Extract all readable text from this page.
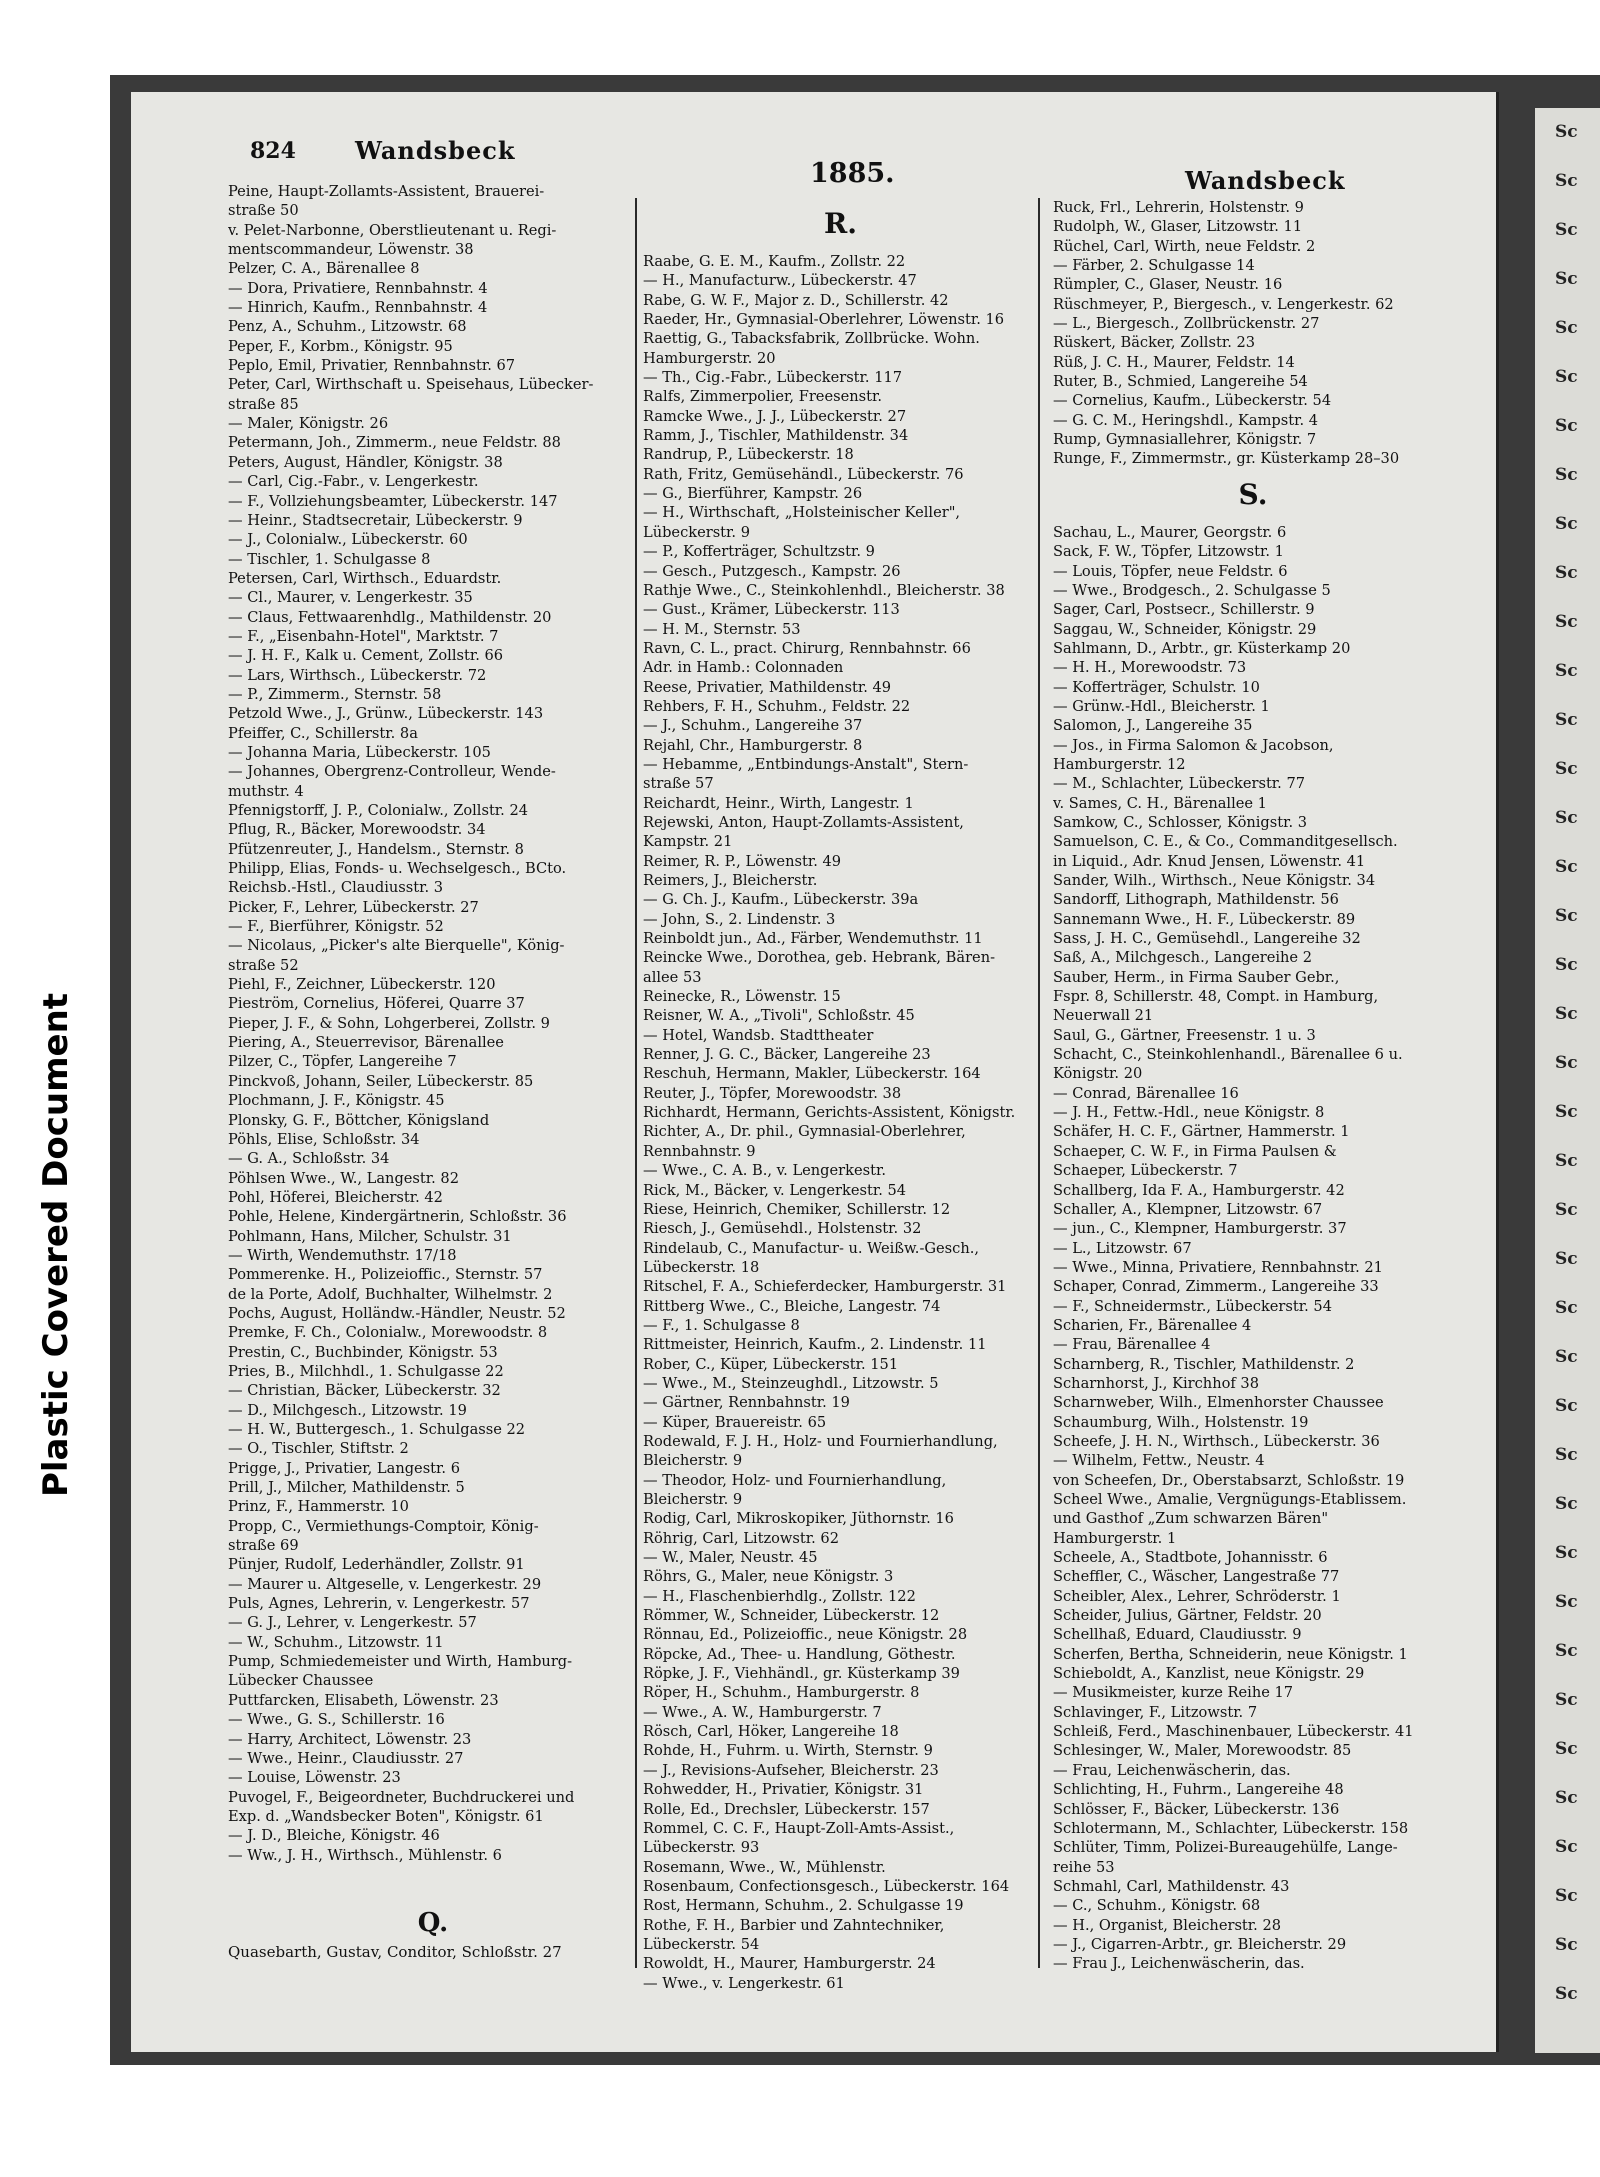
Plastic Covered Document
Sc
Sc
Sc
Sc
Sc
Sc
Sc
Sc
Sc
Sc
Sc
Sc
Sc
Sc
Sc
Sc
Sc
Sc
Sc
Sc
Sc
Sc
Sc
Sc
Sc
Sc
Sc
Sc
Sc
Sc
Sc
Sc
Sc
Sc
Sc
Sc
Sc
Sc
Sc
824 Wandsbeck
1885.	Wandsbeck
Peine, Haupt-Zollamts-Assistent, Brauerei-
straße 50
v. Pelet-Narbonne, Oberstlieutenant u. Regi-
mentscommandeur, Löwenstr. 38
Pelzer, C. A., Bärenallee 8
— Dora, Privatiere, Rennbahnstr. 4
— Hinrich, Kaufm., Rennbahnstr. 4
Penz, A., Schuhm., Litzowstr. 68
Peper, F., Korbm., Königstr. 95
Peplo, Emil, Privatier, Rennbahnstr. 67
Peter, Carl, Wirthschaft u. Speisehaus, Lübecker-
straße 85
— Maler, Königstr. 26
Petermann, Joh., Zimmerm., neue Feldstr. 88
Peters, August, Händler, Königstr. 38
— Carl, Cig.-Fabr., v. Lengerkestr.
— F., Vollziehungsbeamter, Lübeckerstr. 147
— Heinr., Stadtsecretair, Lübeckerstr. 9
— J., Colonialw., Lübeckerstr. 60
— Tischler, 1. Schulgasse 8
Petersen, Carl, Wirthsch., Eduardstr.
— Cl., Maurer, v. Lengerkestr. 35
— Claus, Fettwaarenhdlg., Mathildenstr. 20
— F., „Eisenbahn-Hotel", Marktstr. 7
— J. H. F., Kalk u. Cement, Zollstr. 66
— Lars, Wirthsch., Lübeckerstr. 72
— P., Zimmerm., Sternstr. 58
Petzold Wwe., J., Grünw., Lübeckerstr. 143
Pfeiffer, C., Schillerstr. 8a
— Johanna Maria, Lübeckerstr. 105
— Johannes, Obergrenz-Controlleur, Wende-
muthstr. 4
Pfennigstorff, J. P., Colonialw., Zollstr. 24
Pflug, R., Bäcker, Morewoodstr. 34
Pfützenreuter, J., Handelsm., Sternstr. 8
Philipp, Elias, Fonds- u. Wechselgesch., BCto.
Reichsb.-Hstl., Claudiusstr. 3
Picker, F., Lehrer, Lübeckerstr. 27
— F., Bierführer, Königstr. 52
— Nicolaus, „Picker's alte Bierquelle", König-
straße 52
Piehl, F., Zeichner, Lübeckerstr. 120
Pieström, Cornelius, Höferei, Quarre 37
Pieper, J. F., & Sohn, Lohgerberei, Zollstr. 9
Piering, A., Steuerrevisor, Bärenallee
Pilzer, C., Töpfer, Langereihe 7
Pinckvoß, Johann, Seiler, Lübeckerstr. 85
Plochmann, J. F., Königstr. 45
Plonsky, G. F., Böttcher, Königsland
Pöhls, Elise, Schloßstr. 34
— G. A., Schloßstr. 34
Pöhlsen Wwe., W., Langestr. 82
Pohl, Höferei, Bleicherstr. 42
Pohle, Helene, Kindergärtnerin, Schloßstr. 36
Pohlmann, Hans, Milcher, Schulstr. 31
— Wirth, Wendemuthstr. 17/18
Pommerenke. H., Polizeioffic., Sternstr. 57
de la Porte, Adolf, Buchhalter, Wilhelmstr. 2
Pochs, August, Holländw.-Händler, Neustr. 52
Premke, F. Ch., Colonialw., Morewoodstr. 8
Prestin, C., Buchbinder, Königstr. 53
Pries, B., Milchhdl., 1. Schulgasse 22
— Christian, Bäcker, Lübeckerstr. 32
— D., Milchgesch., Litzowstr. 19
— H. W., Buttergesch., 1. Schulgasse 22
— O., Tischler, Stiftstr. 2
Prigge, J., Privatier, Langestr. 6
Prill, J., Milcher, Mathildenstr. 5
Prinz, F., Hammerstr. 10
Propp, C., Vermiethungs-Comptoir, König-
straße 69
Pünjer, Rudolf, Lederhändler, Zollstr. 91
— Maurer u. Altgeselle, v. Lengerkestr. 29
Puls, Agnes, Lehrerin, v. Lengerkestr. 57
— G. J., Lehrer, v. Lengerkestr. 57
— W., Schuhm., Litzowstr. 11
Pump, Schmiedemeister und Wirth, Hamburg-
Lübecker Chaussee
Puttfarcken, Elisabeth, Löwenstr. 23
— Wwe., G. S., Schillerstr. 16
— Harry, Architect, Löwenstr. 23
— Wwe., Heinr., Claudiusstr. 27
— Louise, Löwenstr. 23
Puvogel, F., Beigeordneter, Buchdruckerei und
Exp. d. „Wandsbecker Boten", Königstr. 61
— J. D., Bleiche, Königstr. 46
— Ww., J. H., Wirthsch., Mühlenstr. 6
R.
Raabe, G. E. M., Kaufm., Zollstr. 22
— H., Manufacturw., Lübeckerstr. 47
Rabe, G. W. F., Major z. D., Schillerstr. 42
Raeder, Hr., Gymnasial-Oberlehrer, Löwenstr. 16
Raettig, G., Tabacksfabrik, Zollbrücke. Wohn.
Hamburgerstr. 20
— Th., Cig.-Fabr., Lübeckerstr. 117
Ralfs, Zimmerpolier, Freesenstr.
Ramcke Wwe., J. J., Lübeckerstr. 27
Ramm, J., Tischler, Mathildenstr. 34
Randrup, P., Lübeckerstr. 18
Rath, Fritz, Gemüsehändl., Lübeckerstr. 76
— G., Bierführer, Kampstr. 26
— H., Wirthschaft, „Holsteinischer Keller",
Lübeckerstr. 9
— P., Kofferträger, Schultzstr. 9
— Gesch., Putzgesch., Kampstr. 26
Rathje Wwe., C., Steinkohlenhdl., Bleicherstr. 38
— Gust., Krämer, Lübeckerstr. 113
— H. M., Sternstr. 53
Ravn, C. L., pract. Chirurg, Rennbahnstr. 66
Adr. in Hamb.: Colonnaden
Reese, Privatier, Mathildenstr. 49
Rehbers, F. H., Schuhm., Feldstr. 22
— J., Schuhm., Langereihe 37
Rejahl, Chr., Hamburgerstr. 8
— Hebamme, „Entbindungs-Anstalt", Stern-
straße 57
Reichardt, Heinr., Wirth, Langestr. 1
Rejewski, Anton, Haupt-Zollamts-Assistent,
Kampstr. 21
Reimer, R. P., Löwenstr. 49
Reimers, J., Bleicherstr.
— G. Ch. J., Kaufm., Lübeckerstr. 39a
— John, S., 2. Lindenstr. 3
Reinboldt jun., Ad., Färber, Wendemuthstr. 11
Reincke Wwe., Dorothea, geb. Hebrank, Bären-
allee 53
Reinecke, R., Löwenstr. 15
Reisner, W. A., „Tivoli", Schloßstr. 45
— Hotel, Wandsb. Stadttheater
Renner, J. G. C., Bäcker, Langereihe 23
Reschuh, Hermann, Makler, Lübeckerstr. 164
Reuter, J., Töpfer, Morewoodstr. 38
Richhardt, Hermann, Gerichts-Assistent, Königstr.
Richter, A., Dr. phil., Gymnasial-Oberlehrer,
Rennbahnstr. 9
— Wwe., C. A. B., v. Lengerkestr.
Rick, M., Bäcker, v. Lengerkestr. 54
Riese, Heinrich, Chemiker, Schillerstr. 12
Riesch, J., Gemüsehdl., Holstenstr. 32
Rindelaub, C., Manufactur- u. Weißw.-Gesch.,
Lübeckerstr. 18
Ritschel, F. A., Schieferdecker, Hamburgerstr. 31
Rittberg Wwe., C., Bleiche, Langestr. 74
— F., 1. Schulgasse 8
Rittmeister, Heinrich, Kaufm., 2. Lindenstr. 11
Rober, C., Küper, Lübeckerstr. 151
— Wwe., M., Steinzeughdl., Litzowstr. 5
— Gärtner, Rennbahnstr. 19
— Küper, Brauereistr. 65
Rodewald, F. J. H., Holz- und Fournierhandlung,
Bleicherstr. 9
— Theodor, Holz- und Fournierhandlung,
Bleicherstr. 9
Rodig, Carl, Mikroskopiker, Jüthornstr. 16
Röhrig, Carl, Litzowstr. 62
— W., Maler, Neustr. 45
Röhrs, G., Maler, neue Königstr. 3
— H., Flaschenbierhdlg., Zollstr. 122
Römmer, W., Schneider, Lübeckerstr. 12
Rönnau, Ed., Polizeioffic., neue Königstr. 28
Röpcke, Ad., Thee- u. Handlung, Göthestr.
Röpke, J. F., Viehhändl., gr. Küsterkamp 39
Röper, H., Schuhm., Hamburgerstr. 8
— Wwe., A. W., Hamburgerstr. 7
Rösch, Carl, Höker, Langereihe 18
Rohde, H., Fuhrm. u. Wirth, Sternstr. 9
— J., Revisions-Aufseher, Bleicherstr. 23
Rohwedder, H., Privatier, Königstr. 31
Rolle, Ed., Drechsler, Lübeckerstr. 157
Rommel, C. C. F., Haupt-Zoll-Amts-Assist.,
Lübeckerstr. 93
Rosemann, Wwe., W., Mühlenstr.
Rosenbaum, Confectionsgesch., Lübeckerstr. 164
Rost, Hermann, Schuhm., 2. Schulgasse 19
Rothe, F. H., Barbier und Zahntechniker,
Lübeckerstr. 54
Rowoldt, H., Maurer, Hamburgerstr. 24
— Wwe., v. Lengerkestr. 61
Ruck, Frl., Lehrerin, Holstenstr. 9
Rudolph, W., Glaser, Litzowstr. 11
Rüchel, Carl, Wirth, neue Feldstr. 2
— Färber, 2. Schulgasse 14
Rümpler, C., Glaser, Neustr. 16
Rüschmeyer, P., Biergesch., v. Lengerkestr. 62
— L., Biergesch., Zollbrückenstr. 27
Rüskert, Bäcker, Zollstr. 23
Rüß, J. C. H., Maurer, Feldstr. 14
Ruter, B., Schmied, Langereihe 54
— Cornelius, Kaufm., Lübeckerstr. 54
— G. C. M., Heringshdl., Kampstr. 4
Rump, Gymnasiallehrer, Königstr. 7
Runge, F., Zimmermstr., gr. Küsterkamp 28–30
S.
Sachau, L., Maurer, Georgstr. 6
Sack, F. W., Töpfer, Litzowstr. 1
— Louis, Töpfer, neue Feldstr. 6
— Wwe., Brodgesch., 2. Schulgasse 5
Sager, Carl, Postsecr., Schillerstr. 9
Saggau, W., Schneider, Königstr. 29
Sahlmann, D., Arbtr., gr. Küsterkamp 20
— H. H., Morewoodstr. 73
— Kofferträger, Schulstr. 10
— Grünw.-Hdl., Bleicherstr. 1
Salomon, J., Langereihe 35
— Jos., in Firma Salomon & Jacobson,
Hamburgerstr. 12
— M., Schlachter, Lübeckerstr. 77
v. Sames, C. H., Bärenallee 1
Samkow, C., Schlosser, Königstr. 3
Samuelson, C. E., & Co., Commanditgesellsch.
in Liquid., Adr. Knud Jensen, Löwenstr. 41
Sander, Wilh., Wirthsch., Neue Königstr. 34
Sandorff, Lithograph, Mathildenstr. 56
Sannemann Wwe., H. F., Lübeckerstr. 89
Sass, J. H. C., Gemüsehdl., Langereihe 32
Saß, A., Milchgesch., Langereihe 2
Sauber, Herm., in Firma Sauber Gebr.,
Fspr. 8, Schillerstr. 48, Compt. in Hamburg,
Neuerwall 21
Saul, G., Gärtner, Freesenstr. 1 u. 3
Schacht, C., Steinkohlenhandl., Bärenallee 6 u.
Königstr. 20
— Conrad, Bärenallee 16
— J. H., Fettw.-Hdl., neue Königstr. 8
Schäfer, H. C. F., Gärtner, Hammerstr. 1
Schaeper, C. W. F., in Firma Paulsen &
Schaeper, Lübeckerstr. 7
Schallberg, Ida F. A., Hamburgerstr. 42
Schaller, A., Klempner, Litzowstr. 67
— jun., C., Klempner, Hamburgerstr. 37
— L., Litzowstr. 67
— Wwe., Minna, Privatiere, Rennbahnstr. 21
Schaper, Conrad, Zimmerm., Langereihe 33
— F., Schneidermstr., Lübeckerstr. 54
Scharien, Fr., Bärenallee 4
— Frau, Bärenallee 4
Scharnberg, R., Tischler, Mathildenstr. 2
Scharnhorst, J., Kirchhof 38
Scharnweber, Wilh., Elmenhorster Chaussee
Schaumburg, Wilh., Holstenstr. 19
Scheefe, J. H. N., Wirthsch., Lübeckerstr. 36
— Wilhelm, Fettw., Neustr. 4
von Scheefen, Dr., Oberstabsarzt, Schloßstr. 19
Scheel Wwe., Amalie, Vergnügungs-Etablissem.
und Gasthof „Zum schwarzen Bären"
Hamburgerstr. 1
Scheele, A., Stadtbote, Johannisstr. 6
Scheffler, C., Wäscher, Langestraße 77
Scheibler, Alex., Lehrer, Schröderstr. 1
Scheider, Julius, Gärtner, Feldstr. 20
Schellhaß, Eduard, Claudiusstr. 9
Scherfen, Bertha, Schneiderin, neue Königstr. 1
Schieboldt, A., Kanzlist, neue Königstr. 29
— Musikmeister, kurze Reihe 17
Schlavinger, F., Litzowstr. 7
Schleiß, Ferd., Maschinenbauer, Lübeckerstr. 41
Schlesinger, W., Maler, Morewoodstr. 85
— Frau, Leichenwäscherin, das.
Schlichting, H., Fuhrm., Langereihe 48
Schlösser, F., Bäcker, Lübeckerstr. 136
Schlotermann, M., Schlachter, Lübeckerstr. 158
Schlüter, Timm, Polizei-Bureaugehülfe, Lange-
reihe 53
Schmahl, Carl, Mathildenstr. 43
— C., Schuhm., Königstr. 68
— H., Organist, Bleicherstr. 28
— J., Cigarren-Arbtr., gr. Bleicherstr. 29
— Frau J., Leichenwäscherin, das.
Q.
Quasebarth, Gustav, Conditor, Schloßstr. 27
